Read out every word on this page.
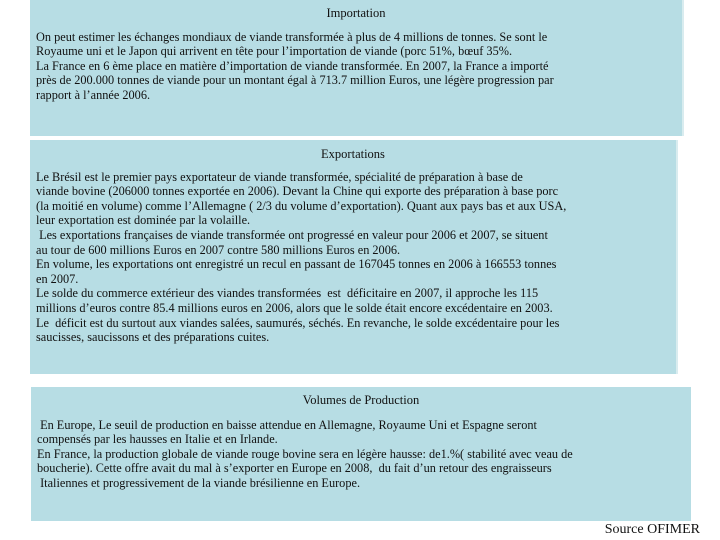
Importation

On peut estimer les échanges mondiaux de viande transformée à plus de 4 millions de tonnes. Se sont le

Royaume uni et le Japon qui arrivent en tête pour l’importation de viande (porc 51%, bœuf 35%.

La France en 6 ème place en matière d’importation de viande transformée. En 2007, la France a importé

près de 200.000 tonnes de viande pour un montant égal à 713.7 million Euros, une légère progression par

rapport à l’année 2006.

Exportations

Le Brésil est le premier pays exportateur de viande transformée, spécialité de préparation à base de

viande bovine (206000 tonnes exportée en 2006). Devant la Chine qui exporte des préparation à base porc

(la moitié en volume) comme l’Allemagne ( 2/3 du volume d’exportation). Quant aux pays bas et aux USA,

leur exportation est dominée par la volaille.

Les exportations françaises de viande transformée ont progressé en valeur pour 2006 et 2007, se situent

au tour de 600 millions Euros en 2007 contre 580 millions Euros en 2006.

En volume, les exportations ont enregistré un recul en passant de 167045 tonnes en 2006 à 166553 tonnes

en 2007.

Le solde du commerce extérieur des viandes transformées  est  déficitaire en 2007, il approche les 115

millions d’euros contre 85.4 millions euros en 2006, alors que le solde était encore excédentaire en 2003.

Le  déficit est du surtout aux viandes salées, saumurés, séchés. En revanche, le solde excédentaire pour les

saucisses, saucissons et des préparations cuites.

Volumes de Production

En Europe, Le seuil de production en baisse attendue en Allemagne, Royaume Uni et Espagne seront

compensés par les hausses en Italie et en Irlande.

En France, la production globale de viande rouge bovine sera en légère hausse: de1.%( stabilité avec veau de

boucherie). Cette offre avait du mal à s’exporter en Europe en 2008,  du fait d’un retour des engraisseurs

Italiennes et progressivement de la viande brésilienne en Europe.

Source OFIMER
